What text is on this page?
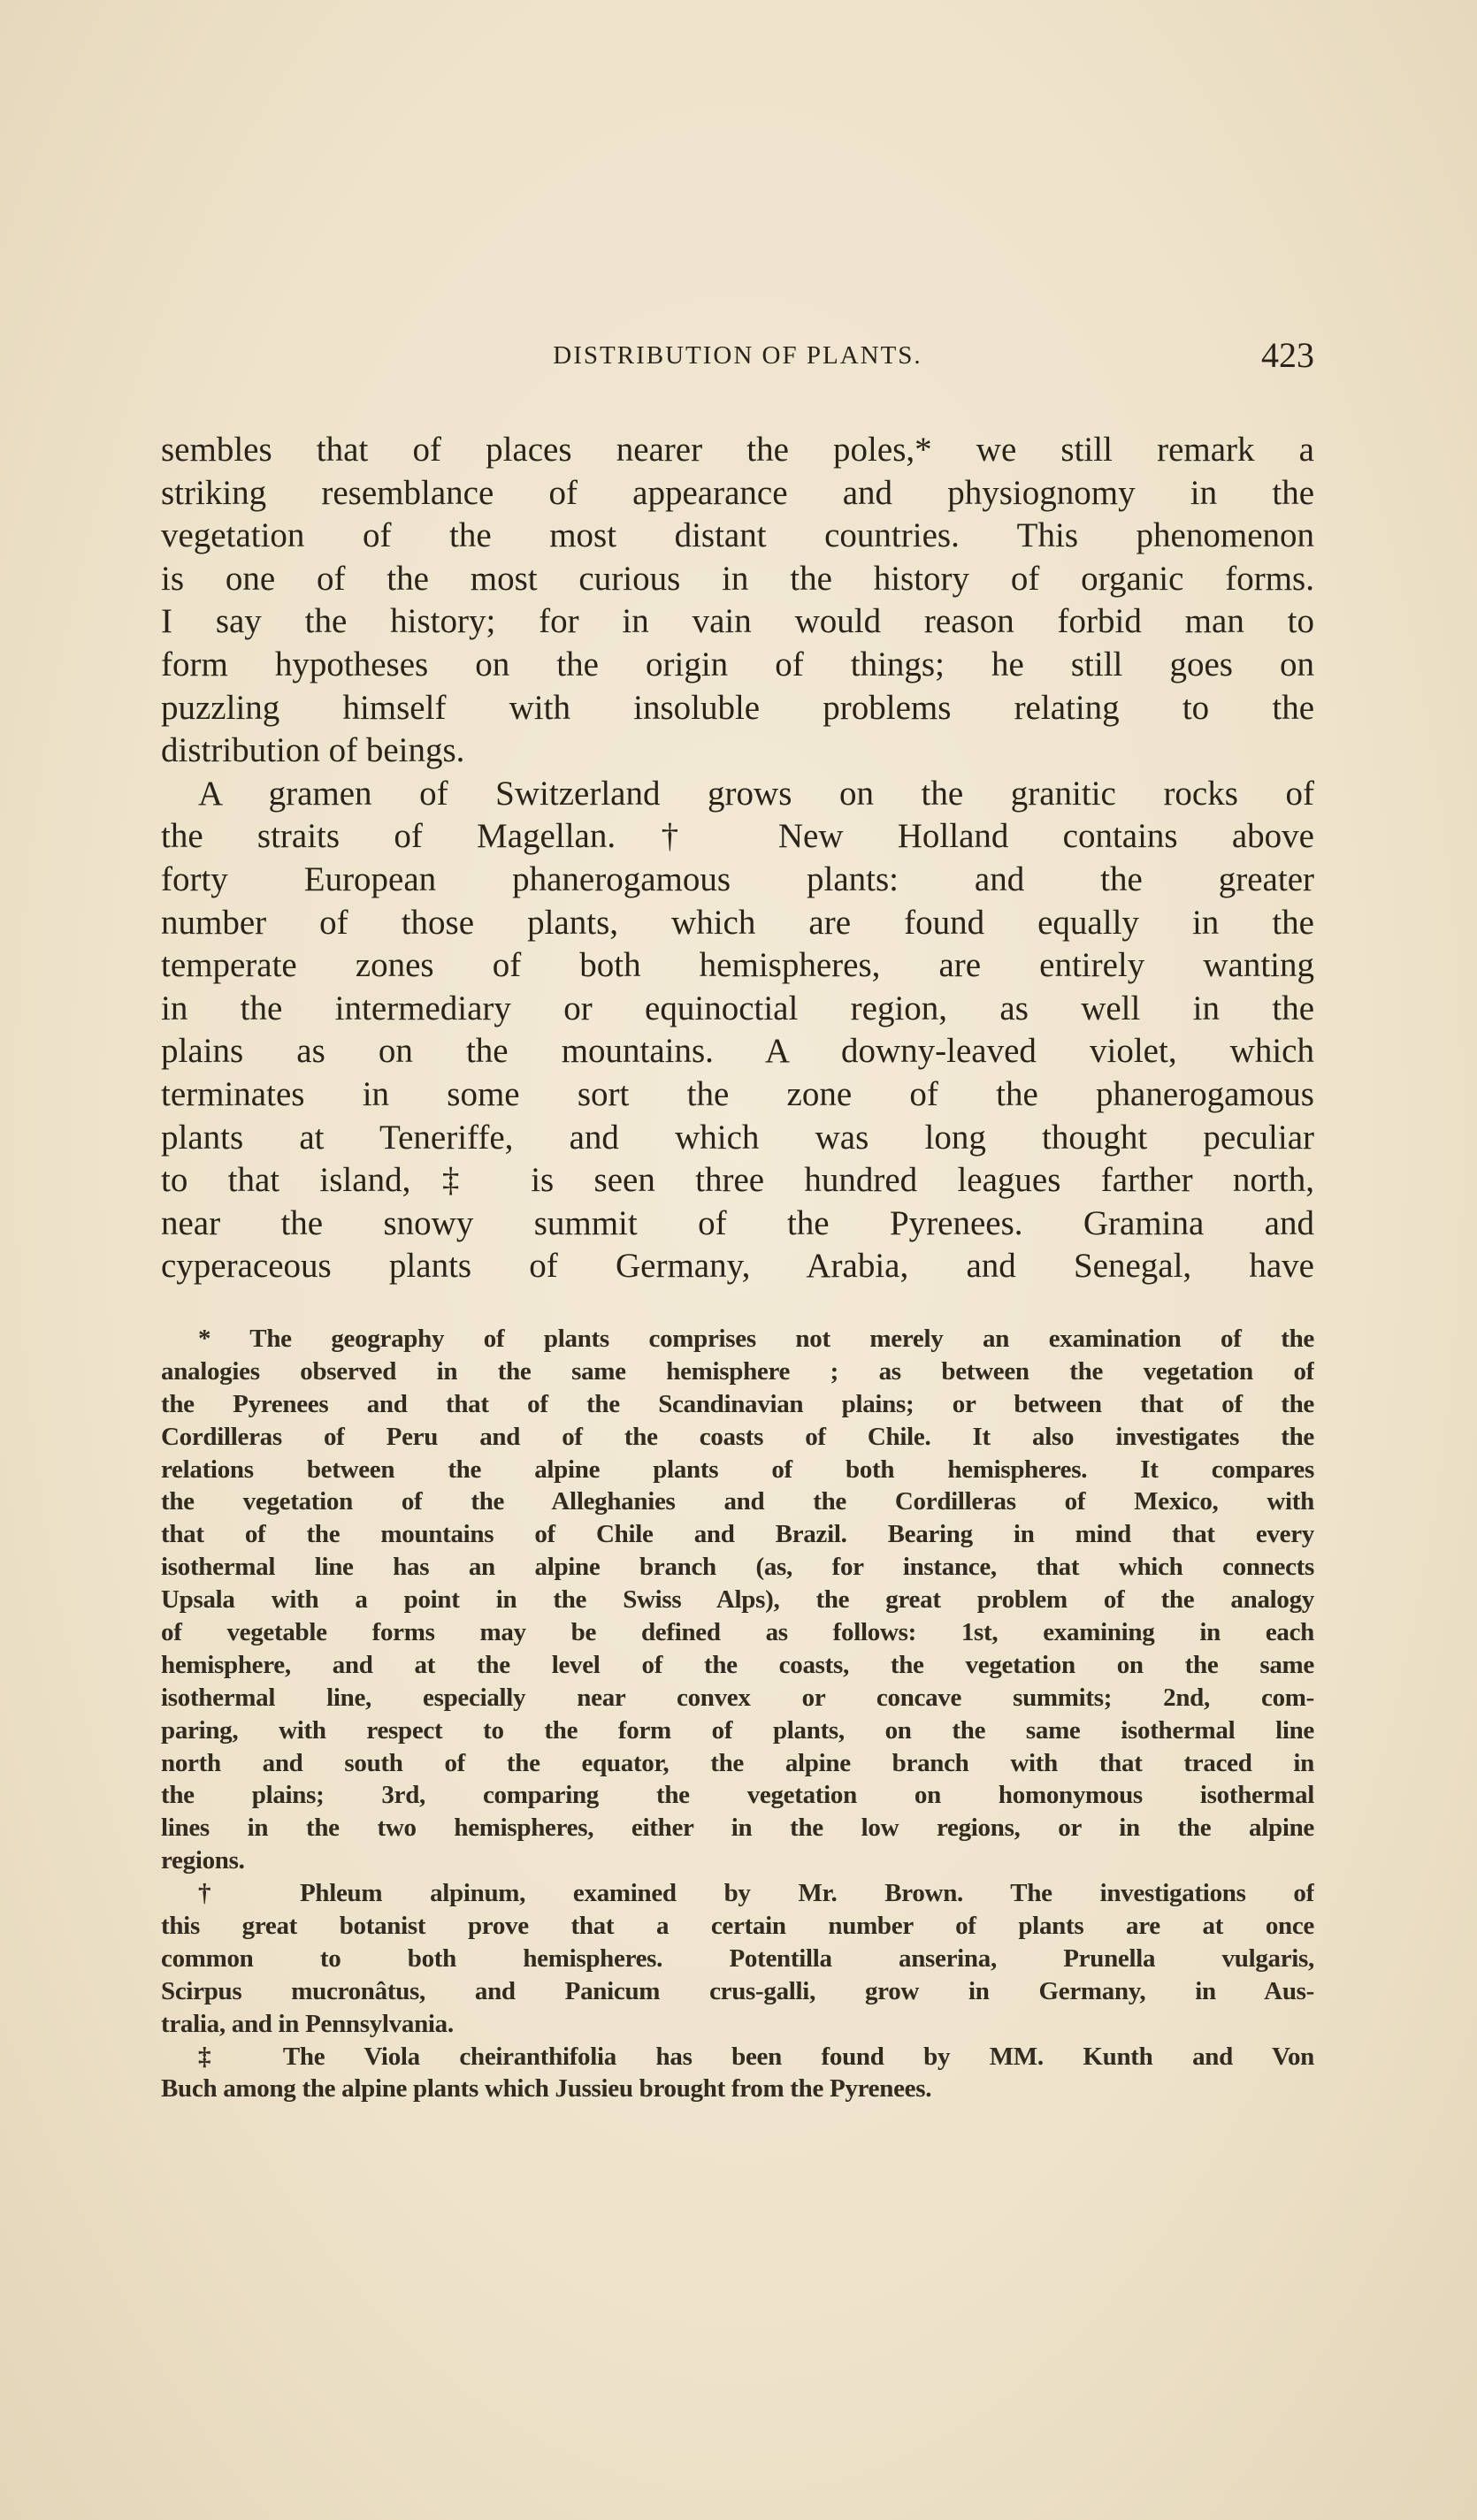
DISTRIBUTION OF PLANTS.	423
sembles that of places nearer the poles,* we still remark a
striking resemblance of appearance and physiognomy in the
vegetation of the most distant countries. This phenomenon
is one of the most curious in the history of organic forms.
I say the history; for in vain would reason forbid man to
form hypotheses on the origin of things; he still goes on
puzzling himself with insoluble problems relating to the
distribution of beings.
A gramen of Switzerland grows on the granitic rocks of
the straits of Magellan.† New Holland contains above
forty European phanerogamous plants: and the greater
number of those plants, which are found equally in the
temperate zones of both hemispheres, are entirely wanting
in the intermediary or equinoctial region, as well in the
plains as on the mountains. A downy-leaved violet, which
terminates in some sort the zone of the phanerogamous
plants at Teneriffe, and which was long thought peculiar
to that island,‡ is seen three hundred leagues farther north,
near the snowy summit of the Pyrenees. Gramina and
cyperaceous plants of Germany, Arabia, and Senegal, have
* The geography of plants comprises not merely an examination of the
analogies observed in the same hemisphere ; as between the vegetation of
the Pyrenees and that of the Scandinavian plains; or between that of the
Cordilleras of Peru and of the coasts of Chile. It also investigates the
relations between the alpine plants of both hemispheres. It compares
the vegetation of the Alleghanies and the Cordilleras of Mexico, with
that of the mountains of Chile and Brazil. Bearing in mind that every
isothermal line has an alpine branch (as, for instance, that which connects
Upsala with a point in the Swiss Alps), the great problem of the analogy
of vegetable forms may be defined as follows: 1st, examining in each
hemisphere, and at the level of the coasts, the vegetation on the same
isothermal line, especially near convex or concave summits; 2nd, com-
paring, with respect to the form of plants, on the same isothermal line
north and south of the equator, the alpine branch with that traced in
the plains; 3rd, comparing the vegetation on homonymous isothermal
lines in the two hemispheres, either in the low regions, or in the alpine
regions.
† Phleum alpinum, examined by Mr. Brown. The investigations of
this great botanist prove that a certain number of plants are at once
common to both hemispheres. Potentilla anserina, Prunella vulgaris,
Scirpus mucronâtus, and Panicum crus-galli, grow in Germany, in Aus-
tralia, and in Pennsylvania.
‡ The Viola cheiranthifolia has been found by MM. Kunth and Von
Buch among the alpine plants which Jussieu brought from the Pyrenees.
